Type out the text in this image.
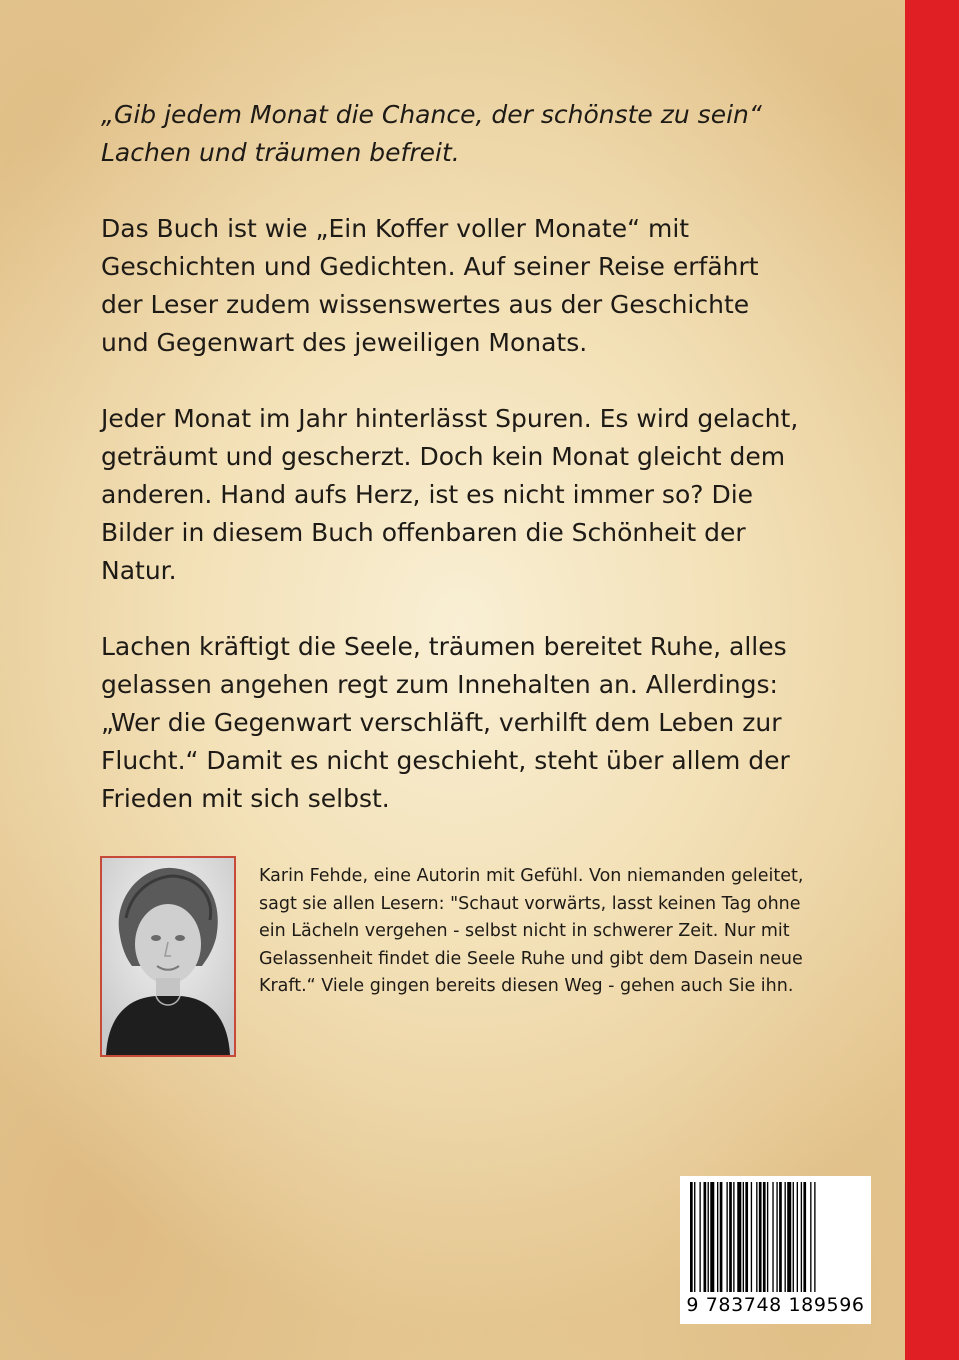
„Gib jedem Monat die Chance, der schönste zu sein“
Lachen und träumen befreit.

Das Buch ist wie „Ein Koffer voller Monate“ mit Geschichten und Gedichten. Auf seiner Reise erfährt der Leser zudem wissenswertes aus der Geschichte und Gegenwart des jeweiligen Monats.

Jeder Monat im Jahr hinterlässt Spuren. Es wird gelacht, geträumt und gescherzt. Doch kein Monat gleicht dem anderen. Hand aufs Herz, ist es nicht immer so? Die Bilder in diesem Buch offenbaren die Schönheit der Natur.

Lachen kräftigt die Seele, träumen bereitet Ruhe, alles gelassen angehen regt zum Innehalten an. Allerdings: „Wer die Gegenwart verschläft, verhilft dem Leben zur Flucht.“ Damit es nicht geschieht, steht über allem der Frieden mit sich selbst.

Karin Fehde, eine Autorin mit Gefühl. Von niemanden geleitet, sagt sie allen Lesern: "Schaut vorwärts, lasst keinen Tag ohne ein Lächeln vergehen - selbst nicht in schwerer Zeit. Nur mit Gelassenheit findet die Seele Ruhe und gibt dem Dasein neue Kraft.“ Viele gingen bereits diesen Weg - gehen auch Sie ihn.

9 783748 189596
